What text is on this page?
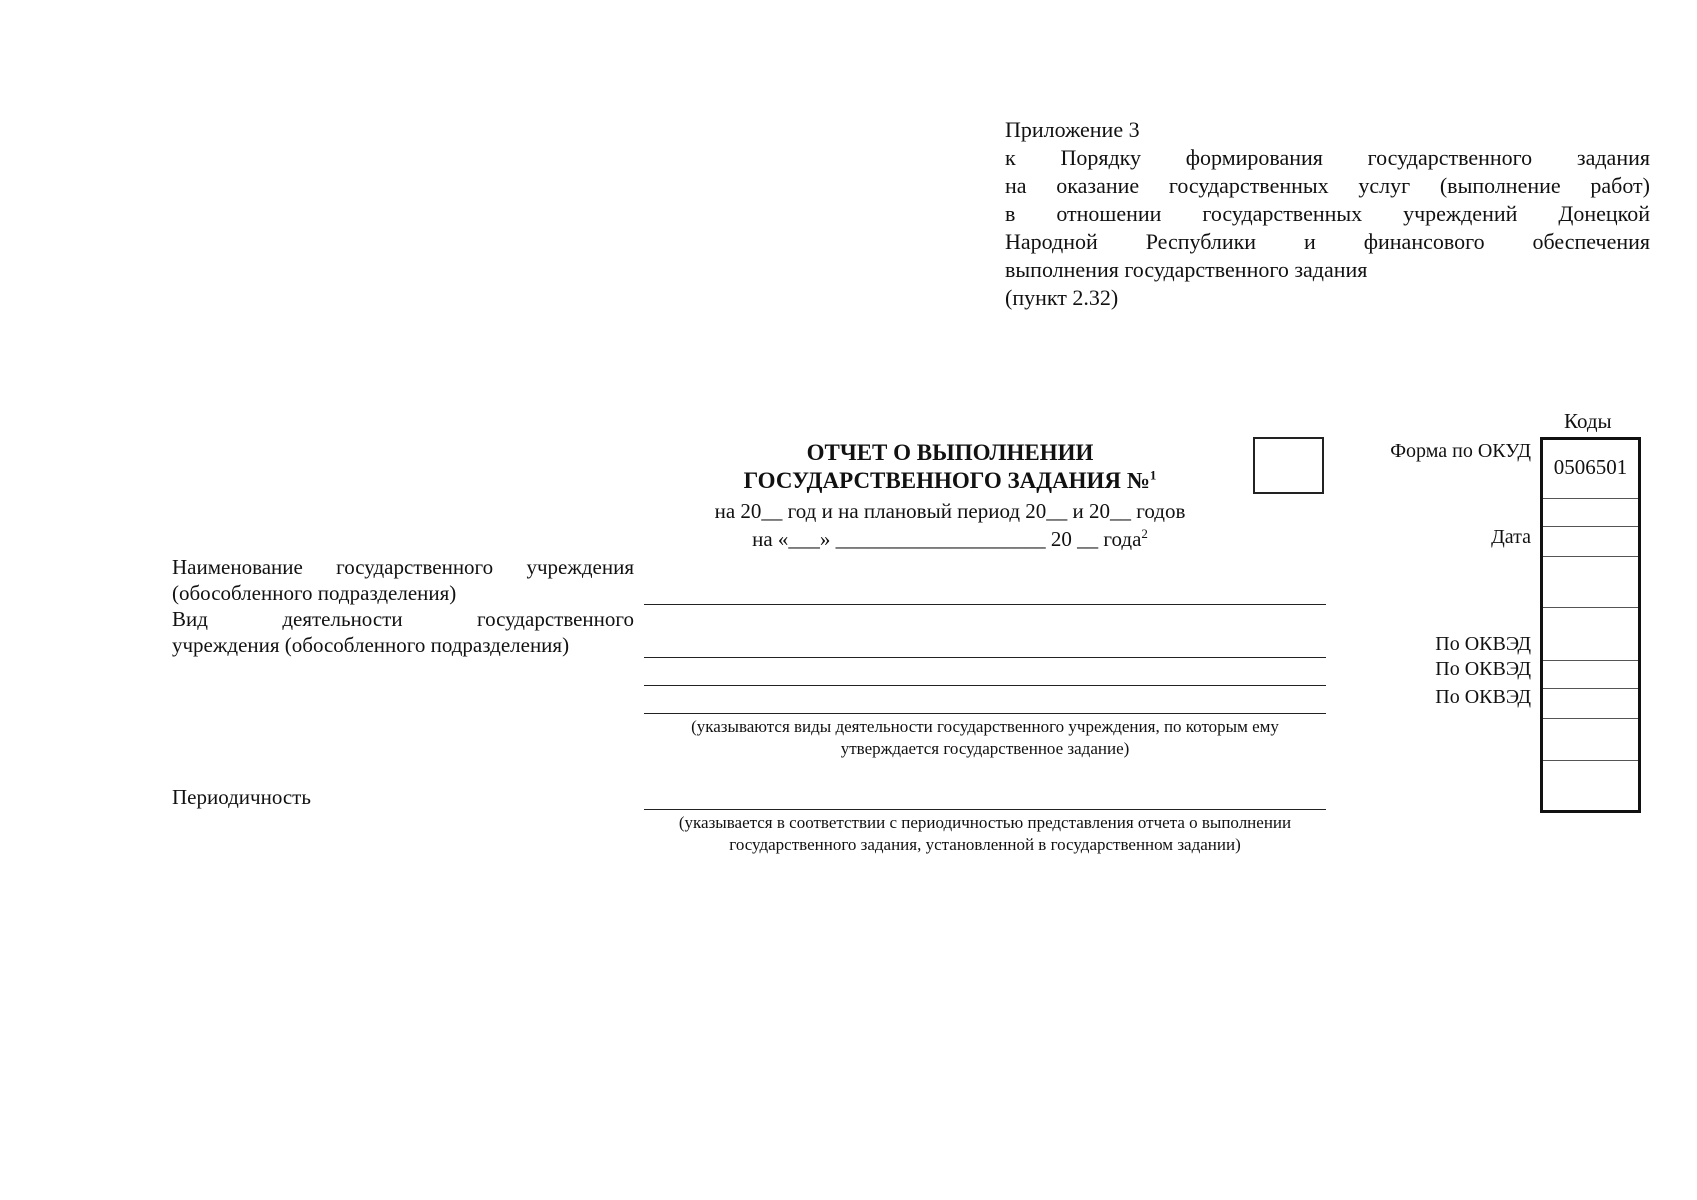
Приложение 3
к Порядку формирования государственного задания
на оказание государственных услуг (выполнение работ)
в отношении государственных учреждений Донецкой
Народной Республики и финансового обеспечения
выполнения государственного задания
(пункт 2.32)
ОТЧЕТ О ВЫПОЛНЕНИИ
ГОСУДАРСТВЕННОГО ЗАДАНИЯ №$^1$
на 20__ год и на плановый период 20__ и 20__ годов
на «___» ____________________ 20 __ года$^2$
Коды
0506501
Форма по ОКУД
Дата
По ОКВЭД
По ОКВЭД
По ОКВЭД
Наименование государственного учреждения
(обособленного подразделения)
Вид деятельности государственного
учреждения (обособленного подразделения)
Периодичность
(указываются виды деятельности государственного учреждения, по которым ему
утверждается государственное задание)
(указывается в соответствии с периодичностью представления отчета о выполнении
государственного задания, установленной в государственном задании)
